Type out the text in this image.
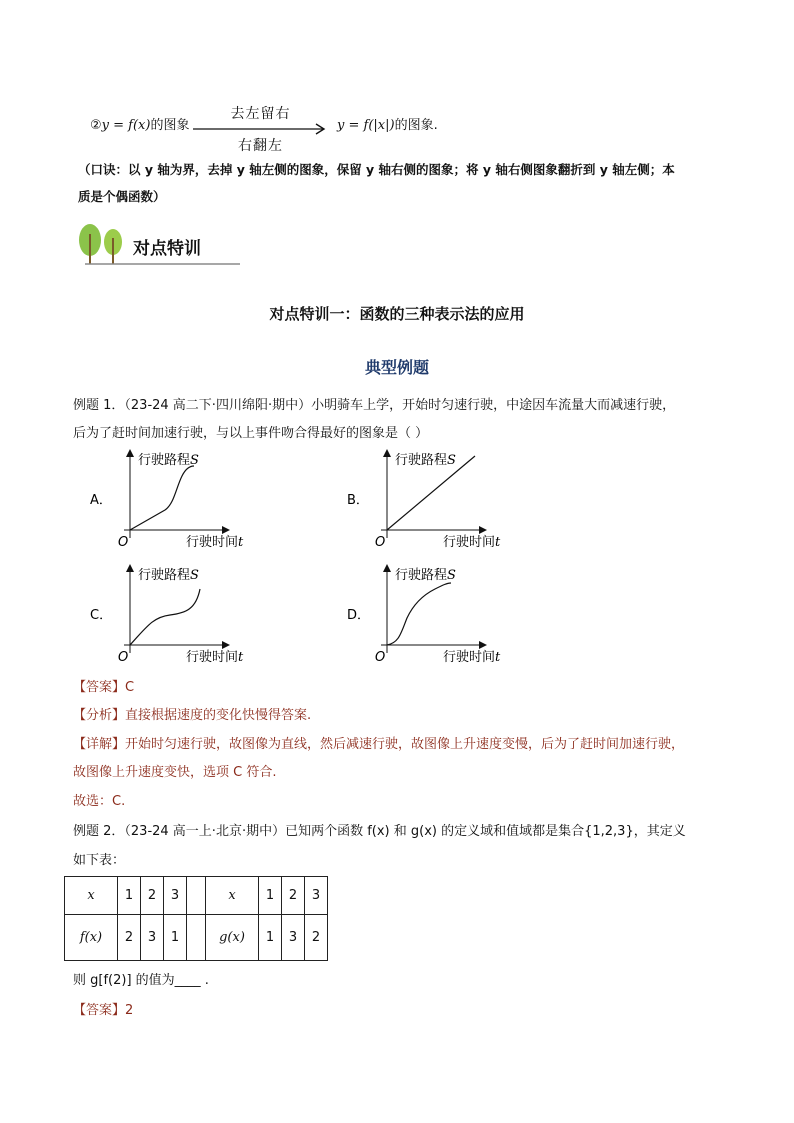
②y = f(x)的图象
去左留右
右翻左
y = f(|x|)的图象.
（口诀：以 y 轴为界，去掉 y 轴左侧的图象，保留 y 轴右侧的图象；将 y 轴右侧图象翻折到 y 轴左侧；本
质是个偶函数）
对点特训
对点特训一：函数的三种表示法的应用
典型例题
例题 1．（23-24 高二下·四川绵阳·期中）小明骑车上学，开始时匀速行驶，中途因车流量大而减速行驶，
后为了赶时间加速行驶，与以上事件吻合得最好的图象是（ ）
A．
行驶路程S
O	行驶时间t
B．
行驶路程S
O	行驶时间t
C．
行驶路程S
O	行驶时间t
D．
行驶路程S
O	行驶时间t
【答案】C
【分析】直接根据速度的变化快慢得答案.
【详解】开始时匀速行驶，故图像为直线，然后减速行驶，故图像上升速度变慢，后为了赶时间加速行驶，
故图像上升速度变快，选项 C 符合.
故选：C.
例题 2．（23-24 高一上·北京·期中）已知两个函数 f(x) 和 g(x) 的定义域和值域都是集合{1,2,3}，其定义
如下表：
x	1	2	3		x	1	2	3
f(x)	2	3	1		g(x)	1	3	2
则 g[f(2)] 的值为____ .
【答案】2
